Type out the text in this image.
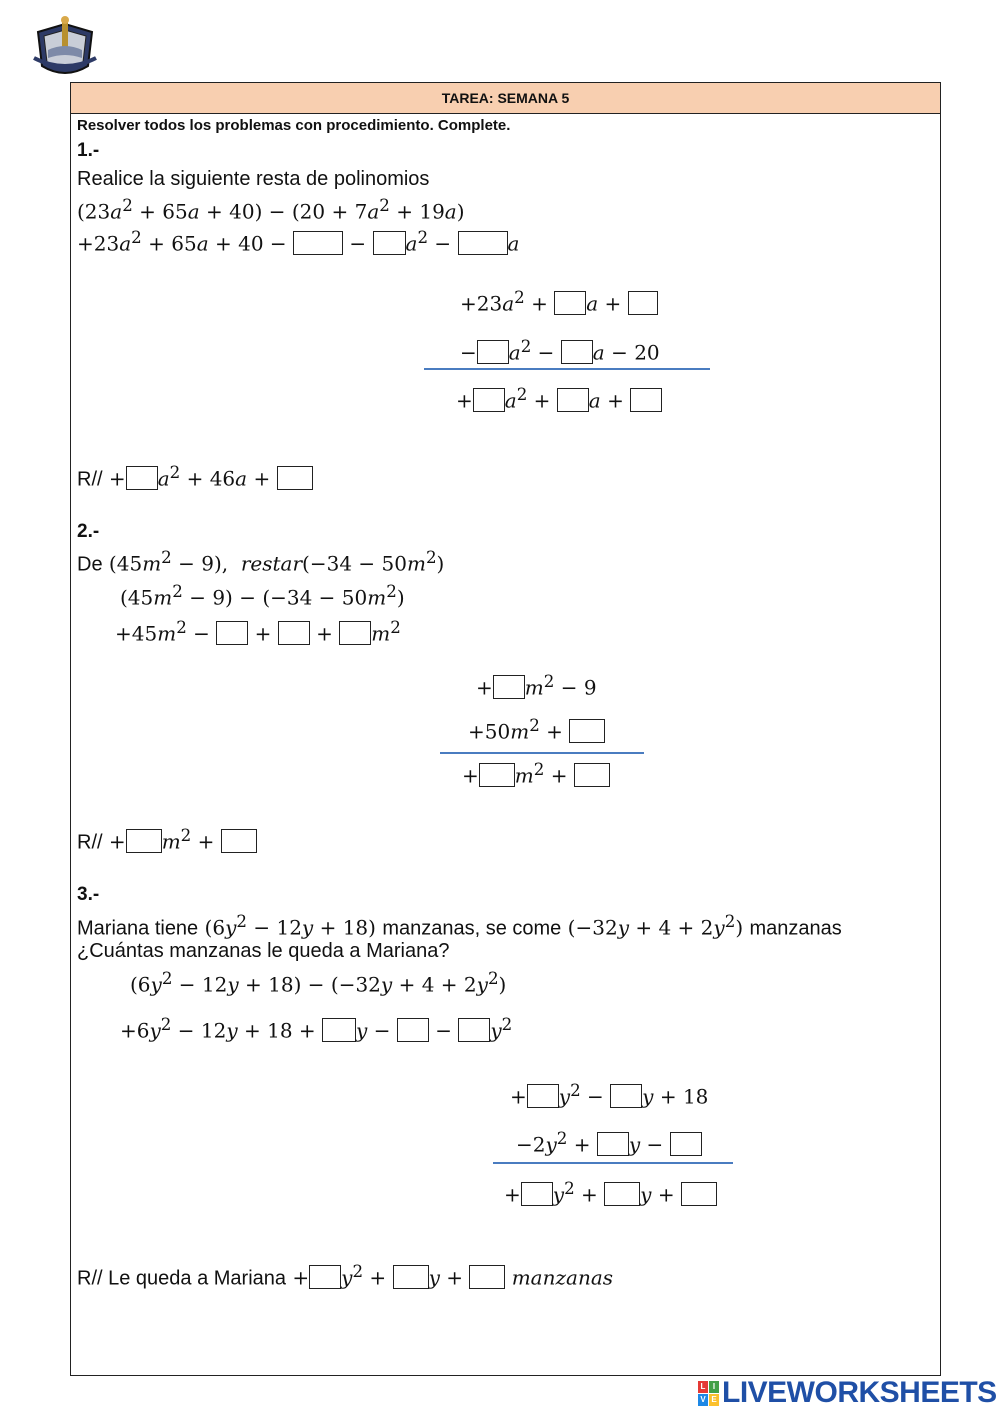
TAREA: SEMANA 5
Resolver todos los problemas con procedimiento. Complete.
1.-
Realice la siguiente resta de polinomios
$(23a^2 + 65a + 40) - (20 + 7a^2 + 19a)$
$+23a^2 + 65a + 40$ −	− $a^2$ −	a
$+23a^2 + a$ +
− $a^2 - a - 20$
+ $a^2 + a$ +
$R// + a^2 + 46a$ +
2.-
De $(45m^2 - 9)$,  restar(−34 − $50m^2$)
$(45m^2 - 9) - (-34 - 50m^2)$
$+45m^2$ −  +  + $m^2$
+ $m^2 - 9$
$+50m^2$ +
+ $m^2$ +
$R// + m^2$ +
3.-
Mariana tiene $(6y^2 - 12y + 18)$ manzanas, se come $(-32y + 4 + 2y^2)$ manzanas
¿Cuántas manzanas le queda a Mariana?
$(6y^2 - 12y + 18) - (-32y + 4 + 2y^2)$
$+6y^2 - 12y + 18 + y$ −  − $y^2$
+ $y^2 - y + 18$
$-2y^2 + y$ −
+ $y^2 + y$ +
R// Le queda a Mariana + $y^2 + y$ +  manzanas
L I
V E LIVEWORKSHEETS
